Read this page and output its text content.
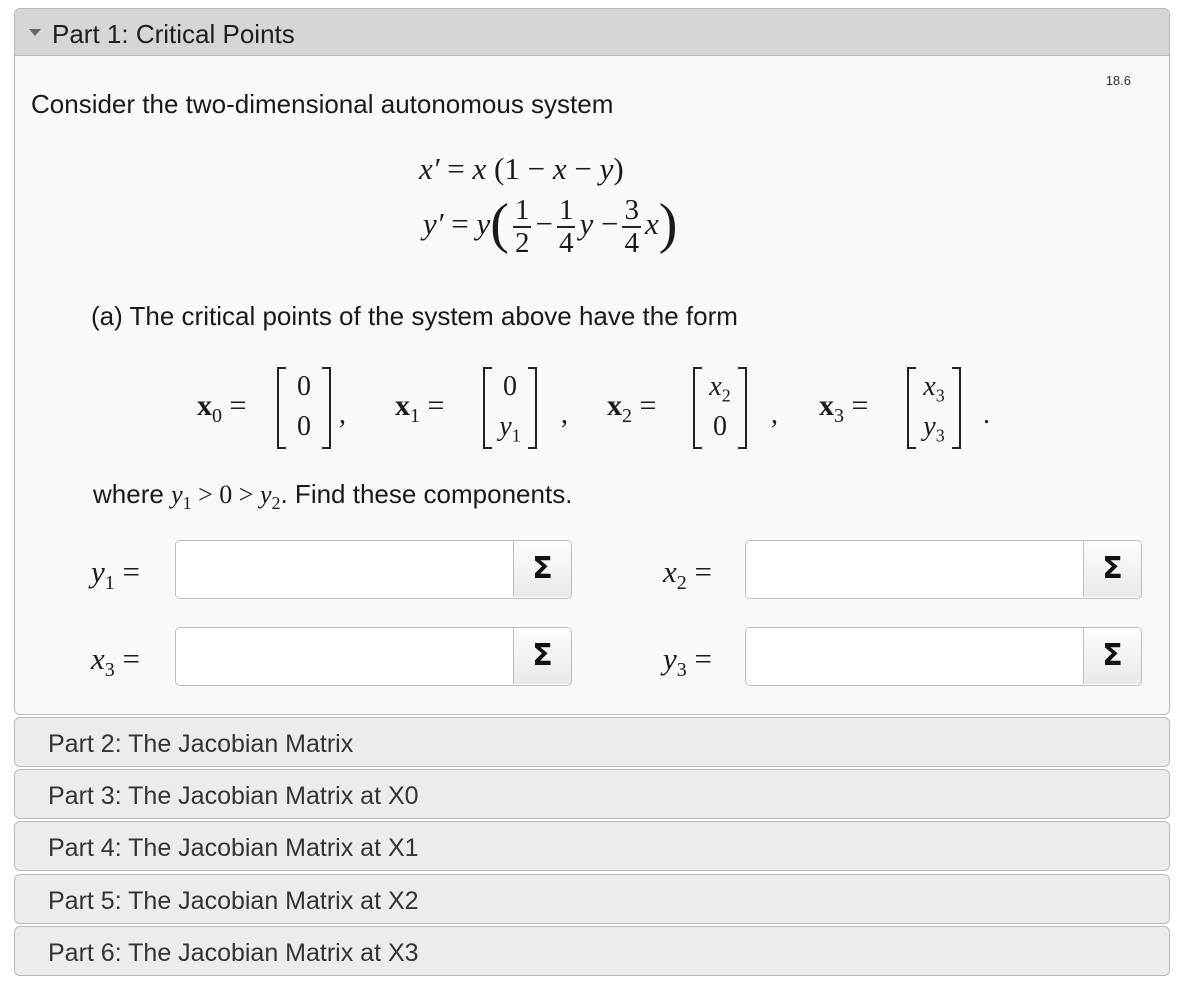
Part 1: Critical Points
18.6
Consider the two-dimensional autonomous system
x′ = x (1 − x − y)
$y' = y( \frac{1}{2} - \frac{1}{4}$ $y - \frac{3}{4} x$)
(a) The critical points of the system above have the form
$x_0$ =
0
0	, $x_1$ =
0
$y_1$
, $x_2$ =
$x_2$
0	, $x_3$ =
$x_3$
$y_3$
.
where $y_1 > 0 > y_2$. Find these components.
$y_1$ =	Σ	$x_2$ =	Σ
$x_3$ =	Σ	$y_3$ =	Σ
Part 2: The Jacobian Matrix
Part 3: The Jacobian Matrix at X0
Part 4: The Jacobian Matrix at X1
Part 5: The Jacobian Matrix at X2
Part 6: The Jacobian Matrix at X3
